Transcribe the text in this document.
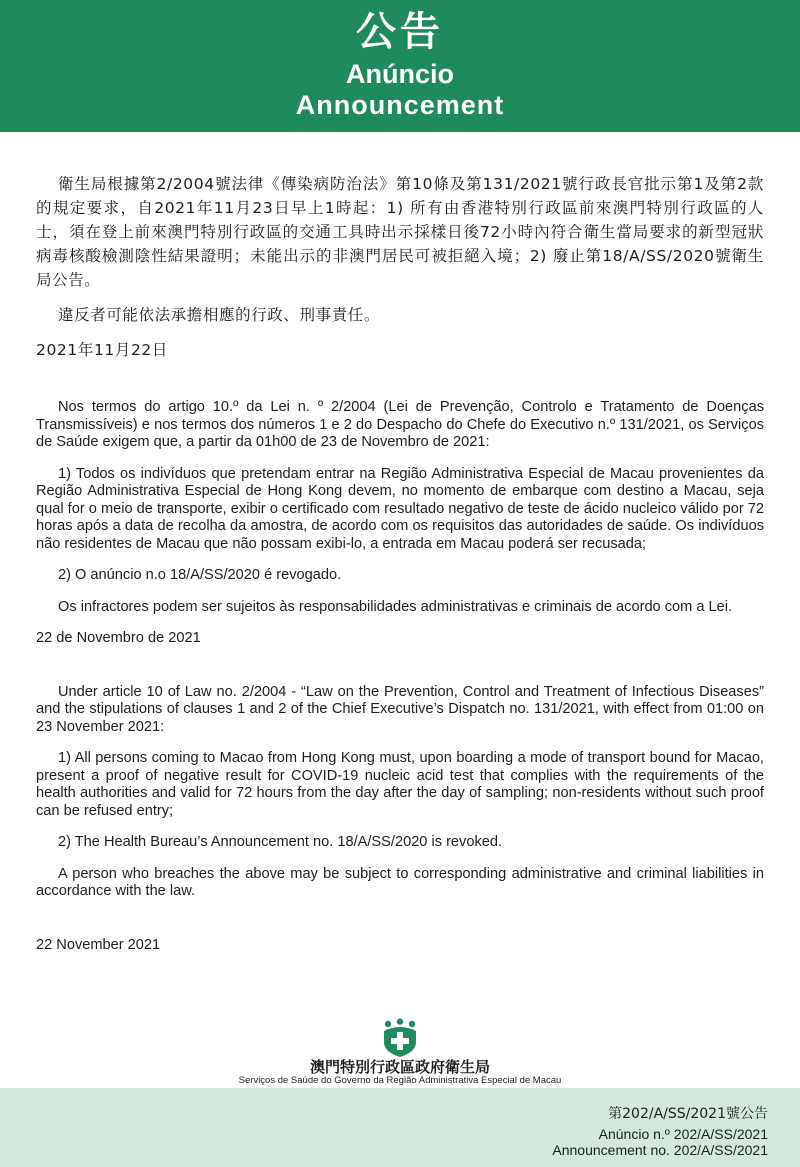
公告
Anúncio
Announcement

衛生局根據第2/2004號法律《傳染病防治法》第10條及第131/2021號行政長官批示第1及第2款的規定要求，自2021年11月23日早上1時起：1) 所有由香港特別行政區前來澳門特別行政區的人士，須在登上前來澳門特別行政區的交通工具時出示採樣日後72小時內符合衛生當局要求的新型冠狀病毒核酸檢測陰性結果證明；未能出示的非澳門居民可被拒絕入境；2) 廢止第18/A/SS/2020號衛生局公告。

違反者可能依法承擔相應的行政、刑事責任。

2021年11月22日

Nos termos do artigo 10.º da Lei n. º 2/2004 (Lei de Prevenção, Controlo e Tratamento de Doenças Transmissíveis) e nos termos dos números 1 e 2 do Despacho do Chefe do Executivo n.º 131/2021, os Serviços de Saúde exigem que, a partir da 01h00 de 23 de Novembro de 2021:

1) Todos os indivíduos que pretendam entrar na Região Administrativa Especial de Macau provenientes da Região Administrativa Especial de Hong Kong devem, no momento de embarque com destino a Macau, seja qual for o meio de transporte, exibir o certificado com resultado negativo de teste de ácido nucleico válido por 72 horas após a data de recolha da amostra, de acordo com os requisitos das autoridades de saúde. Os indivíduos não residentes de Macau que não possam exibi-lo, a entrada em Macau poderá ser recusada;

2) O anúncio n.o 18/A/SS/2020 é revogado.

Os infractores podem ser sujeitos às responsabilidades administrativas e criminais de acordo com a Lei.

22 de Novembro de 2021

Under article 10 of Law no. 2/2004 - “Law on the Prevention, Control and Treatment of Infectious Diseases” and the stipulations of clauses 1 and 2 of the Chief Executive’s Dispatch no. 131/2021, with effect from 01:00 on 23 November 2021:

1) All persons coming to Macao from Hong Kong must, upon boarding a mode of transport bound for Macao, present a proof of negative result for COVID-19 nucleic acid test that complies with the requirements of the health authorities and valid for 72 hours from the day after the day of sampling; non-residents without such proof can be refused entry;

2) The Health Bureau’s Announcement no. 18/A/SS/2020 is revoked.

A person who breaches the above may be subject to corresponding administrative and criminal liabilities in accordance with the law.

22 November 2021

澳門特別行政區政府衛生局
Serviços de Saúde do Governo da Região Administrativa Especial de Macau
第202/A/SS/2021號公告
Anúncio n.º 202/A/SS/2021
Announcement no. 202/A/SS/2021
